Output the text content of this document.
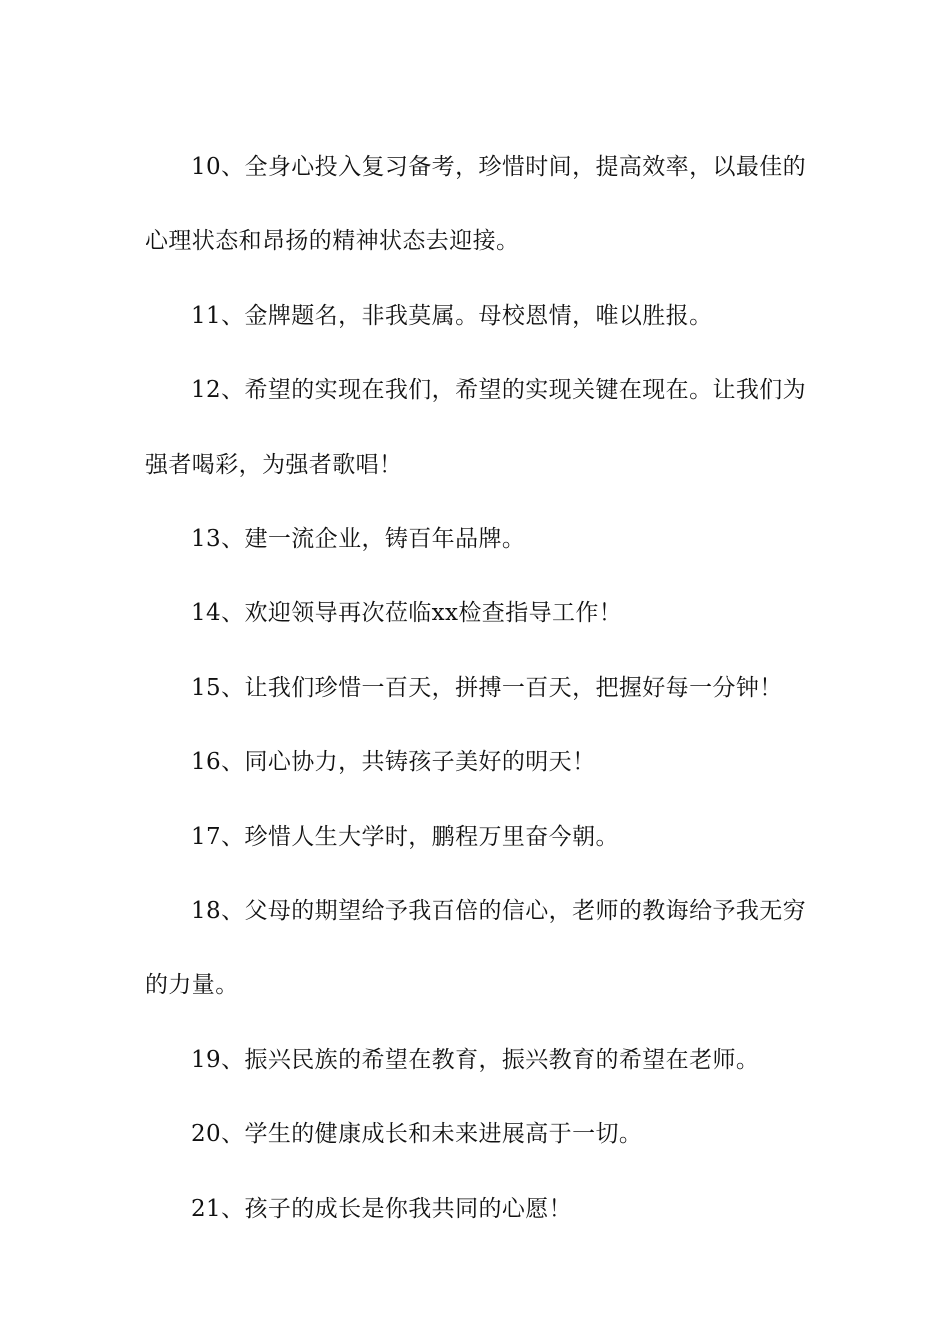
10、全身心投入复习备考，珍惜时间，提高效率，以最佳的心理状态和昂扬的精神状态去迎接。

11、金牌题名，非我莫属。母校恩情，唯以胜报。

12、希望的实现在我们，希望的实现关键在现在。让我们为强者喝彩，为强者歌唱！

13、建一流企业，铸百年品牌。

14、欢迎领导再次莅临xx检查指导工作！

15、让我们珍惜一百天，拼搏一百天，把握好每一分钟！

16、同心协力，共铸孩子美好的明天！

17、珍惜人生大学时，鹏程万里奋今朝。

18、父母的期望给予我百倍的信心，老师的教诲给予我无穷的力量。

19、振兴民族的希望在教育，振兴教育的希望在老师。

20、学生的健康成长和未来进展高于一切。

21、孩子的成长是你我共同的心愿！
